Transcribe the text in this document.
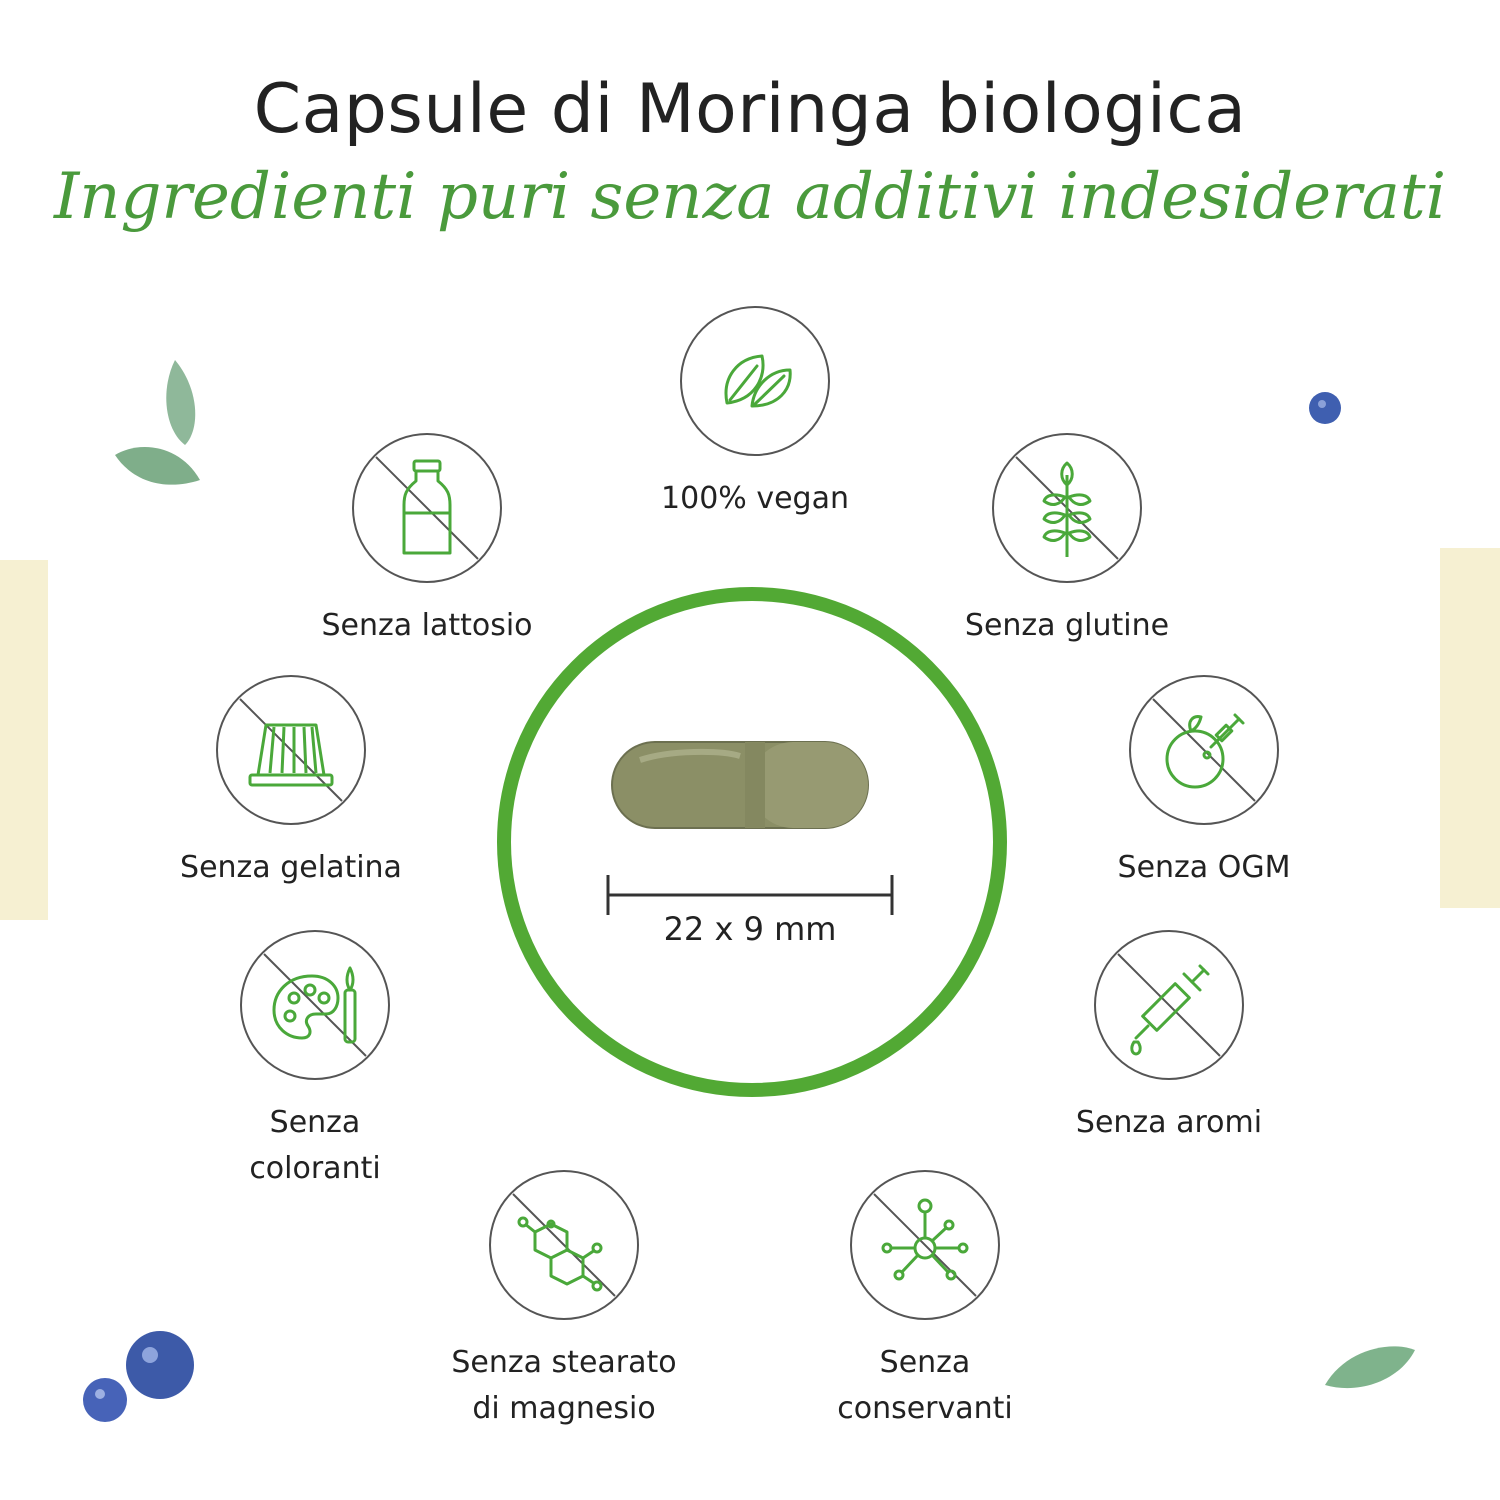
Capsule di Moringa biologica
Ingredienti puri senza additivi indesiderati
22 x 9 mm
100% vegan
Senza lattosio	Senza glutine
Senza gelatina	Senza OGM
Senza
coloranti
Senza aromi
Senza stearato
di magnesio
Senza
conservanti
